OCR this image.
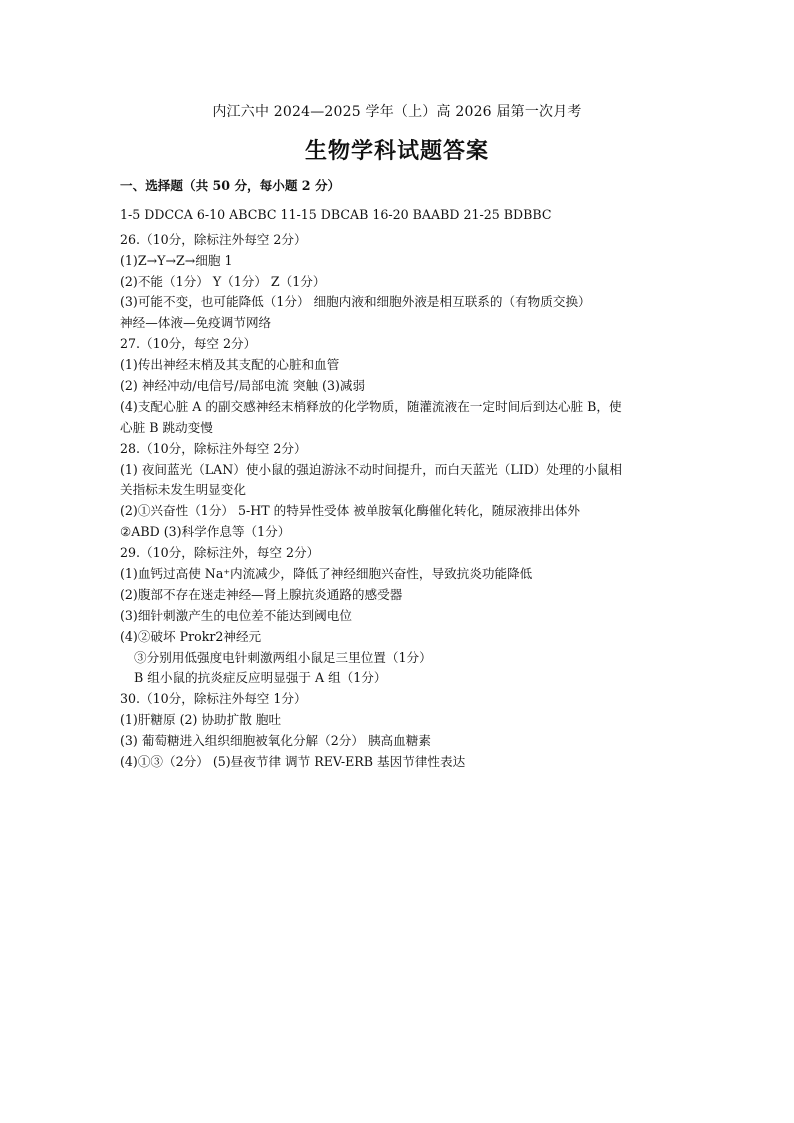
内江六中 2024—2025 学年（上）高 2026 届第一次月考
生物学科试题答案
一、选择题（共 50 分，每小题 2 分）
1-5 DDCCA 6-10 ABCBC 11-15 DBCAB 16-20 BAABD 21-25 BDBBC
26.（10分，除标注外每空 2分）
(1)Z→Y→Z→细胞 1
(2)不能（1分） Y（1分） Z（1分）
(3)可能不变，也可能降低（1分） 细胞内液和细胞外液是相互联系的（有物质交换）
神经—体液—免疫调节网络
27.（10分，每空 2分）
(1)传出神经末梢及其支配的心脏和血管
(2) 神经冲动/电信号/局部电流 突触 (3)减弱
(4)支配心脏 A 的副交感神经末梢释放的化学物质，随灌流液在一定时间后到达心脏 B，使
心脏 B 跳动变慢
28.（10分，除标注外每空 2分）
(1) 夜间蓝光（LAN）使小鼠的强迫游泳不动时间提升，而白天蓝光（LID）处理的小鼠相
关指标未发生明显变化
(2)①兴奋性（1分） 5-HT 的特异性受体 被单胺氧化酶催化转化，随尿液排出体外
②ABD (3)科学作息等（1分）
29.（10分，除标注外，每空 2分）
(1)血钙过高使 Na⁺内流减少，降低了神经细胞兴奋性，导致抗炎功能降低
(2)腹部不存在迷走神经—肾上腺抗炎通路的感受器
(3)细针刺激产生的电位差不能达到阈电位
(4)②破坏 Prokr2神经元
③分别用低强度电针刺激两组小鼠足三里位置（1分）
B 组小鼠的抗炎症反应明显强于 A 组（1分）
30.（10分，除标注外每空 1分）
(1)肝糖原 (2) 协助扩散 胞吐
(3) 葡萄糖进入组织细胞被氧化分解（2分） 胰高血糖素
(4)①③（2分） (5)昼夜节律 调节 REV-ERB 基因节律性表达
